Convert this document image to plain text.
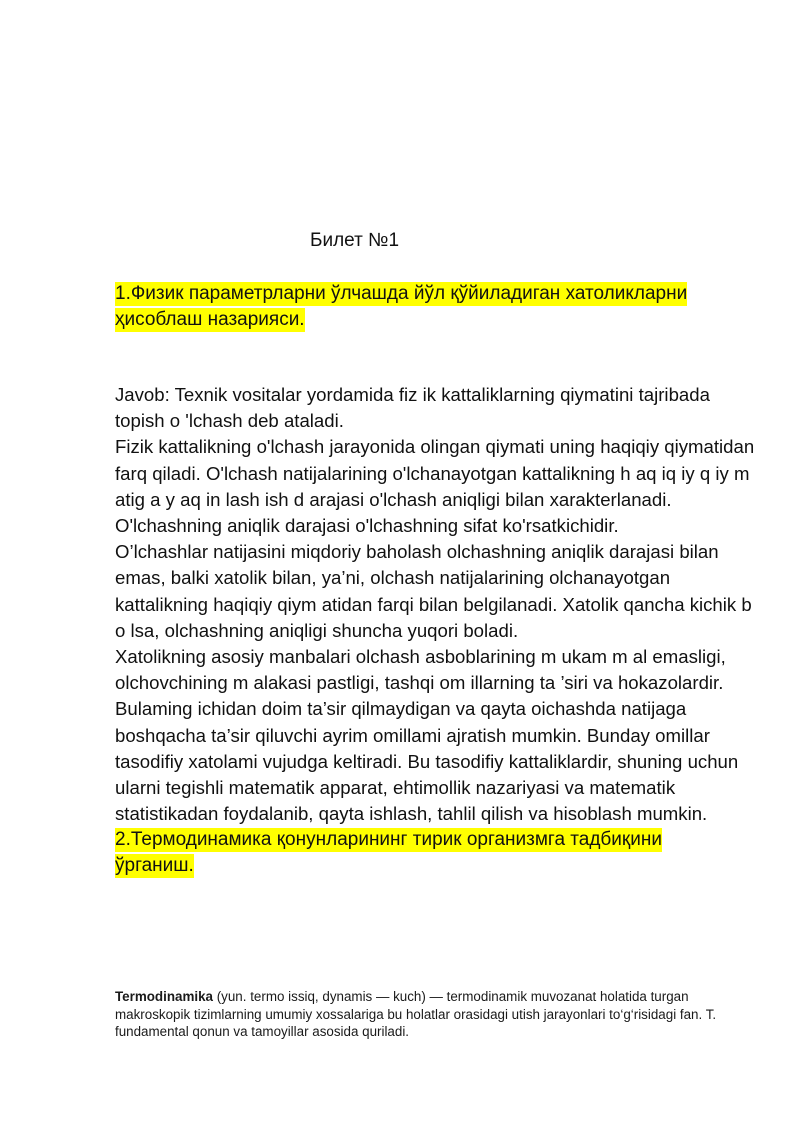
Билет №1
1.Физик параметрларни ўлчашда йўл қўйиладиган хатоликларни ҳисоблаш назарияси.

Javob: Texnik vositalar yordamida fiz ik kattaliklarning qiymatini tajribada topish o 'lchash deb ataladi.

Fizik kattalikning o'lchash jarayonida olingan qiymati uning haqiqiy qiymatidan farq qiladi. O'lchash natijalarining o'lchanayotgan kattalikning h aq iq iy q iy m atig a y aq in lash ish d arajasi o'lchash aniqligi bilan xarakterlanadi. O'lchashning aniqlik darajasi o'lchashning sifat ko'rsatkichidir.

O’lchashlar natijasini miqdoriy baholash olchashning aniqlik darajasi bilan emas, balki xatolik bilan, ya’ni, olchash natijalarining olchanayotgan kattalikning haqiqiy qiym atidan farqi bilan belgilanadi. Xatolik qancha kichik b o lsa, olchashning aniqligi shuncha yuqori boladi.

Xatolikning asosiy manbalari olchash asboblarining m ukam m al emasligi, olchovchining m alakasi pastligi, tashqi om illarning ta ’siri va hokazolardir. Bulaming ichidan doim ta’sir qilmaydigan va qayta oichashda natijaga boshqacha ta’sir qiluvchi ayrim omillami ajratish mumkin. Bunday omillar tasodifiy xatolami vujudga keltiradi. Bu tasodifiy kattaliklardir, shuning uchun ularni tegishli matematik apparat, ehtimollik nazariyasi va matematik statistikadan foydalanib, qayta ishlash, tahlil qilish va hisoblash mumkin.

2.Термодинамика қонунларининг тирик организмга тадбиқини ўрганиш.
Termodinamika (yun. termo issiq, dynamis — kuch) — termodinamik muvozanat holatida turgan makroskopik tizimlarning umumiy xossalariga bu holatlar orasidagi utish jarayonlari to‘g‘risidagi fan. T. fundamental qonun va tamoyillar asosida quriladi.
